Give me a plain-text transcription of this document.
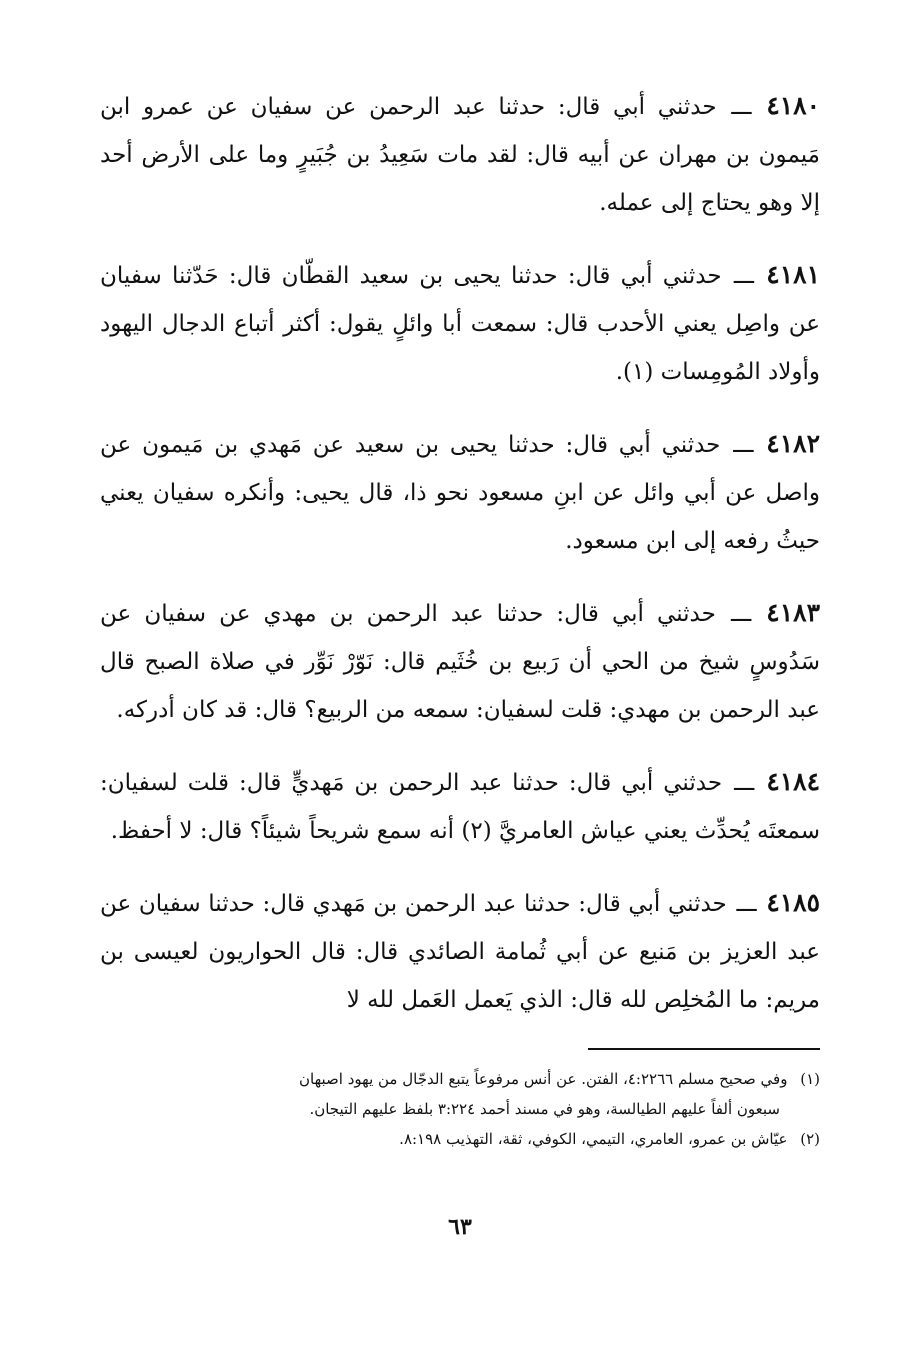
٤١٨٠ ـــ حدثني أبي قال: حدثنا عبد الرحمن عن سفيان عن عمرو ابن مَيمون بن مهران عن أبيه قال: لقد مات سَعِيدُ بن جُبَيرٍ وما على الأرض أحد إلا وهو يحتاج إلى عمله.

٤١٨١ ـــ حدثني أبي قال: حدثنا يحيى بن سعيد القطّان قال: حَدّثنا سفيان عن واصِل يعني الأحدب قال: سمعت أبا وائلٍ يقول: أكثر أتباع الدجال اليهود وأولاد المُومِسات (١).

٤١٨٢ ـــ حدثني أبي قال: حدثنا يحيى بن سعيد عن مَهدي بن مَيمون عن واصل عن أبي وائل عن ابنِ مسعود نحو ذا، قال يحيى: وأنكره سفيان يعني حيثُ رفعه إلى ابن مسعود.

٤١٨٣ ـــ حدثني أبي قال: حدثنا عبد الرحمن بن مهدي عن سفيان عن سَدُوسٍ شيخ من الحي أن رَبيع بن خُثَيم قال: نَوّرْ نَوِّر في صلاة الصبح قال عبد الرحمن بن مهدي: قلت لسفيان: سمعه من الربيع؟ قال: قد كان أدركه.

٤١٨٤ ـــ حدثني أبي قال: حدثنا عبد الرحمن بن مَهديٍّ قال: قلت لسفيان: سمعتَه يُحدِّث يعني عياش العامريَّ (٢) أنه سمع شريحاً شيئاً؟ قال: لا أحفظ.

٤١٨٥ ـــ حدثني أبي قال: حدثنا عبد الرحمن بن مَهدي قال: حدثنا سفيان عن عبد العزيز بن مَنيع عن أبي ثُمامة الصائدي قال: قال الحواريون لعيسى بن مريم: ما المُخلِص لله قال: الذي يَعمل العَمل لله لا

(١) وفي صحيح مسلم ٤:٢٢٦٦، الفتن. عن أنس مرفوعاً يتبع الدجّال من يهود اصبهان

سبعون ألفاً عليهم الطيالسة، وهو في مسند أحمد ٣:٢٢٤ بلفظ عليهم التيجان.

(٢) عيّاش بن عمرو، العامري، التيمي، الكوفي، ثقة، التهذيب ٨:١٩٨.

٦٣
